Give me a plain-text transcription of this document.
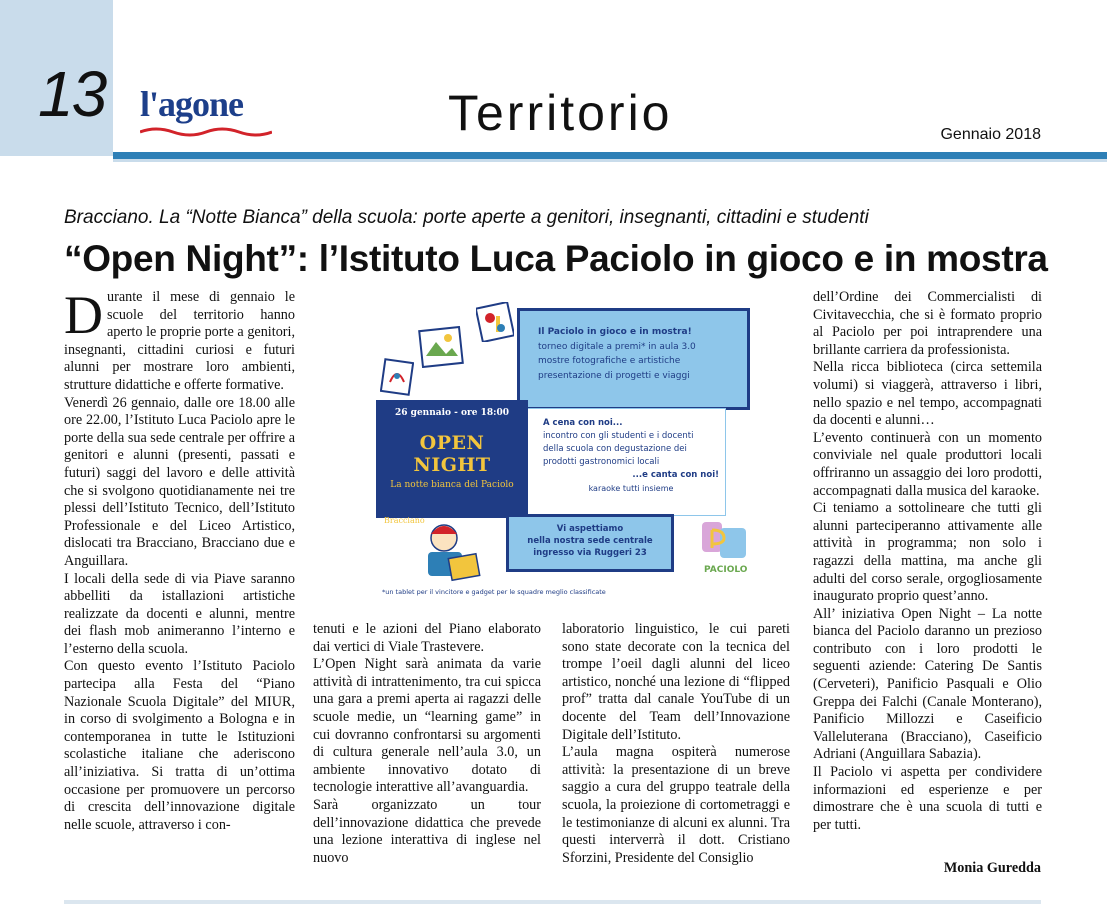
13 l'agone	Territorio	Gennaio 2018
Bracciano. La “Notte Bianca” della scuola: porte aperte a genitori, insegnanti, cittadini e studenti
“Open Night”: l’Istituto Luca Paciolo in gioco e in mostra

Durante il mese di gennaio le scuole del territorio hanno aperto le proprie porte a genitori, insegnanti, cittadini curiosi e futuri alunni per mostrare loro ambienti, strutture didattiche e offerte formative.

Venerdì 26 gennaio, dalle ore 18.00 alle ore 22.00, l’Istituto Luca Paciolo apre le porte della sua sede centrale per offrire a genitori e alunni (presenti, passati e futuri) saggi del lavoro e delle attività che si svolgono quotidianamente nei tre plessi dell’Istituto Tecnico, dell’Istituto Professionale e del Liceo Artistico, dislocati tra Bracciano, Bracciano due e Anguillara.

I locali della sede di via Piave saranno abbelliti da istallazioni artistiche realizzate da docenti e alunni, mentre dei flash mob animeranno l’interno e l’esterno della scuola.

Con questo evento l’Istituto Paciolo partecipa alla Festa del “Piano Nazionale Scuola Digitale” del MIUR, in corso di svolgimento a Bologna e in contemporanea in tutte le Istituzioni scolastiche italiane che aderiscono all’iniziativa. Si tratta di un’ottima occasione per promuovere un percorso di crescita dell’innovazione digitale nelle scuole, attraverso i con-

Il Paciolo in gioco e in mostra!
torneo digitale a premi* in aula 3.0
mostre fotografiche e artistiche
presentazione di progetti e viaggi
A cena con noi...
incontro con gli studenti e i docenti
della scuola con degustazione dei
prodotti gastronomici locali
...e canta con noi!
karaoke tutti insieme
26 gennaio - ore 18:00
OPEN NIGHT
La notte bianca del Paciolo
Bracciano
Vi aspettiamo
nella nostra sede centrale
ingresso via Ruggeri 23
PACIOLO
*un tablet per il vincitore e gadget per le squadre meglio classificate

tenuti e le azioni del Piano elaborato dai vertici di Viale Trastevere.

L’Open Night sarà animata da varie attività di intrattenimento, tra cui spicca una gara a premi aperta ai ragazzi delle scuole medie, un “learning game” in cui dovranno confrontarsi su argomenti di cultura generale nell’aula 3.0, un ambiente innovativo dotato di tecnologie interattive all’avanguardia.

Sarà organizzato un tour dell’innovazione didattica che prevede una lezione interattiva di inglese nel nuovo

laboratorio linguistico, le cui pareti sono state decorate con la tecnica del trompe l’oeil dagli alunni del liceo artistico, nonché una lezione di “flipped prof” tratta dal canale YouTube di un docente del Team dell’Innovazione Digitale dell’Istituto.

L’aula magna ospiterà numerose attività: la presentazione di un breve saggio a cura del gruppo teatrale della scuola, la proiezione di cortometraggi e le testimonianze di alcuni ex alunni. Tra questi interverrà il dott. Cristiano Sforzini, Presidente del Consiglio

dell’Ordine dei Commercialisti di Civitavecchia, che si è formato proprio al Paciolo per poi intraprendere una brillante carriera da professionista.

Nella ricca biblioteca (circa settemila volumi) si viaggerà, attraverso i libri, nello spazio e nel tempo, accompagnati da docenti e alunni…

L’evento continuerà con un momento conviviale nel quale produttori locali offriranno un assaggio dei loro prodotti, accompagnati dalla musica del karaoke.

Ci teniamo a sottolineare che tutti gli alunni parteciperanno attivamente alle attività in programma; non solo i ragazzi della mattina, ma anche gli adulti del corso serale, orgogliosamente inaugurato proprio quest’anno.

All’ iniziativa Open Night – La notte bianca del Paciolo daranno un prezioso contributo con i loro prodotti le seguenti aziende: Catering De Santis (Cerveteri), Panificio Pasquali e Olio Greppa dei Falchi (Canale Monterano), Panificio Millozzi e Caseificio Valleluterana (Bracciano), Caseificio Adriani (Anguillara Sabazia).

Il Paciolo vi aspetta per condividere informazioni ed esperienze e per dimostrare che è una scuola di tutti e per tutti.

Monia Guredda
